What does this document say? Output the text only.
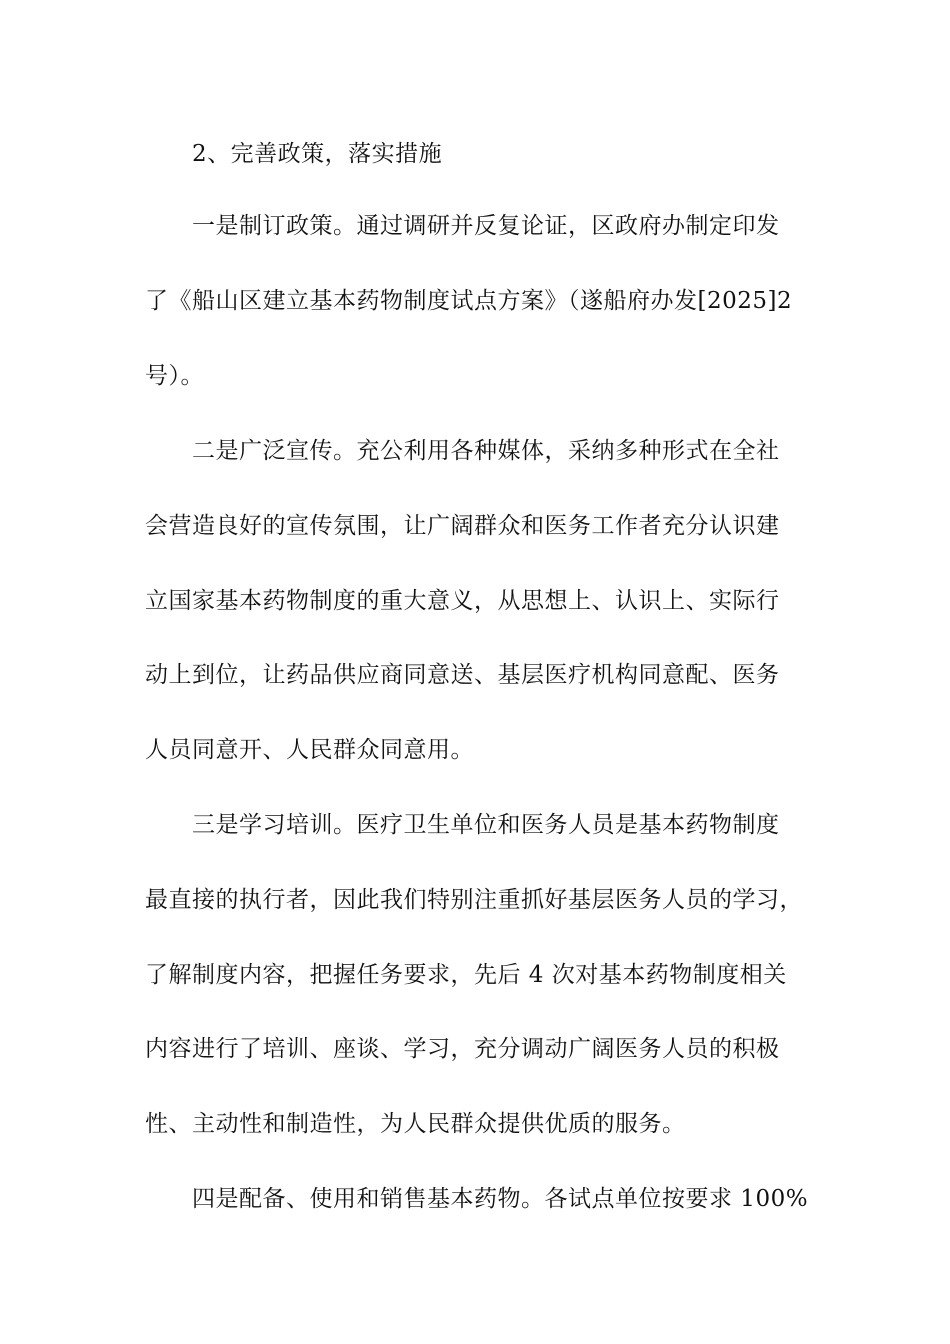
2、完善政策，落实措施
一是制订政策。通过调研并反复论证，区政府办制定印发
了《船山区建立基本药物制度试点方案》（遂船府办发[2025]2
号）。
二是广泛宣传。充公利用各种媒体，采纳多种形式在全社
会营造良好的宣传氛围，让广阔群众和医务工作者充分认识建
立国家基本药物制度的重大意义，从思想上、认识上、实际行
动上到位，让药品供应商同意送、基层医疗机构同意配、医务
人员同意开、人民群众同意用。
三是学习培训。医疗卫生单位和医务人员是基本药物制度
最直接的执行者，因此我们特别注重抓好基层医务人员的学习，
了解制度内容，把握任务要求，先后 4 次对基本药物制度相关
内容进行了培训、座谈、学习，充分调动广阔医务人员的积极
性、主动性和制造性，为人民群众提供优质的服务。
四是配备、使用和销售基本药物。各试点单位按要求 100%
